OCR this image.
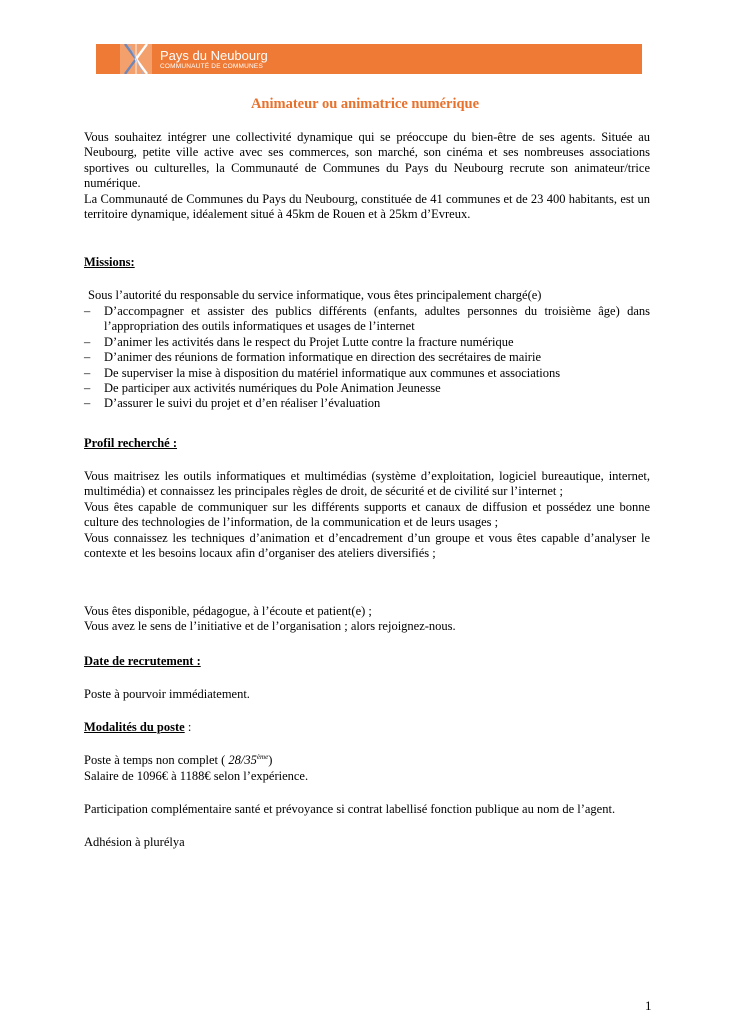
Pays du Neubourg
COMMUNAUTÉ DE COMMUNES
Animateur ou animatrice numérique
Vous souhaitez intégrer une collectivité dynamique qui se préoccupe du bien-être de ses agents. Située au Neubourg, petite ville active avec ses commerces, son marché, son cinéma et ses nombreuses associations sportives ou culturelles, la Communauté de Communes du Pays du Neubourg recrute son animateur/trice numérique.
La Communauté de Communes du Pays du Neubourg, constituée de 41 communes et de 23 400 habitants, est un territoire dynamique, idéalement situé à 45km de Rouen et à 25km d’Evreux.
Missions:
Sous l’autorité du responsable du service informatique, vous êtes principalement chargé(e)
– D’accompagner et assister des publics différents (enfants, adultes personnes du troisième âge) dans l’appropriation des outils informatiques et usages de l’internet
– D’animer les activités dans le respect du Projet Lutte contre la fracture numérique
– D’animer des réunions de formation informatique en direction des secrétaires de mairie
– De superviser la mise à disposition du matériel informatique aux communes et associations
– De participer aux activités numériques du Pole Animation Jeunesse
– D’assurer le suivi du projet et d’en réaliser l’évaluation
Profil recherché :
Vous maitrisez les outils informatiques et multimédias (système d’exploitation, logiciel bureautique, internet, multimédia) et connaissez les principales règles de droit, de sécurité et de civilité sur l’internet ;
Vous êtes capable de communiquer sur les différents supports et canaux de diffusion et possédez une bonne culture des technologies de l’information, de la communication et de leurs usages ;
Vous connaissez les techniques d’animation et d’encadrement d’un groupe et vous êtes capable d’analyser le contexte et les besoins locaux afin d’organiser des ateliers diversifiés ;
Vous êtes disponible, pédagogue, à l’écoute et patient(e) ;
Vous avez le sens de l’initiative et de l’organisation ; alors rejoignez-nous.
Date de recrutement :
Poste à pourvoir immédiatement.
Modalités du poste :
Poste à temps non complet ( 28/35ème)
Salaire de 1096€ à 1188€ selon l’expérience.
Participation complémentaire santé et prévoyance si contrat labellisé fonction publique au nom de l’agent.
Adhésion à plurélya
1
